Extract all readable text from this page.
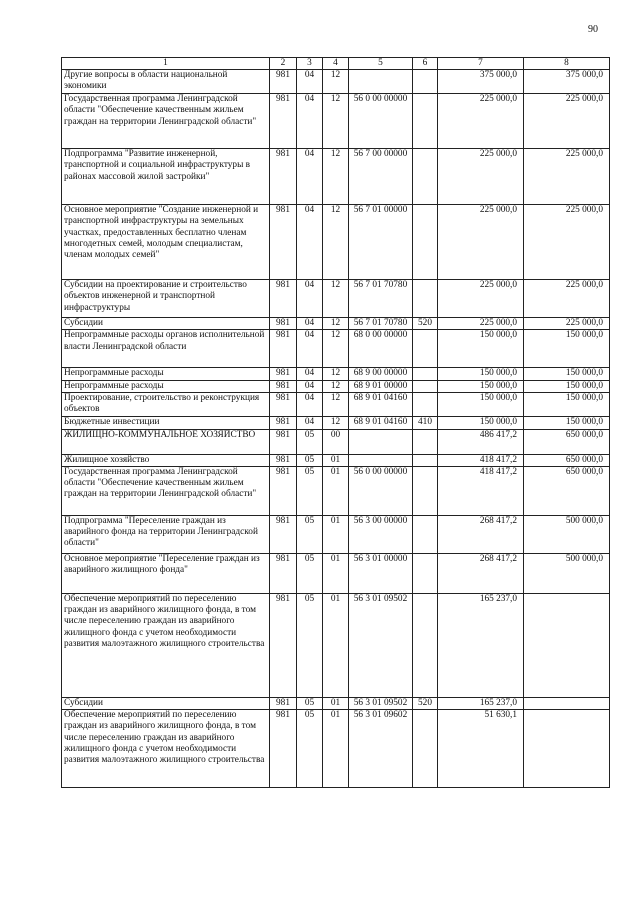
90
1	2	3	4	5	6	7	8
Другие вопросы в области национальной экономики	981	04	12			375 000,0	375 000,0
Государственная программа Ленинградской области "Обеспечение качественным жильем граждан на территории Ленинградской области"	981	04	12	56 0 00 00000		225 000,0	225 000,0
Подпрограмма "Развитие инженерной, транспортной и социальной инфраструктуры в районах массовой жилой застройки"	981	04	12	56 7 00 00000		225 000,0	225 000,0
Основное мероприятие "Создание инженерной и транспортной инфраструктуры на земельных участках, предоставленных бесплатно членам многодетных семей, молодым специалистам, членам молодых семей"	981	04	12	56 7 01 00000		225 000,0	225 000,0
Субсидии на проектирование и строительство объектов инженерной и транспортной инфраструктуры	981	04	12	56 7 01 70780		225 000,0	225 000,0
Субсидии	981	04	12	56 7 01 70780	520	225 000,0	225 000,0
Непрограммные расходы органов исполнительной власти Ленинградской области	981	04	12	68 0 00 00000		150 000,0	150 000,0
Непрограммные расходы	981	04	12	68 9 00 00000		150 000,0	150 000,0
Непрограммные расходы	981	04	12	68 9 01 00000		150 000,0	150 000,0
Проектирование, строительство и реконструкция объектов	981	04	12	68 9 01 04160		150 000,0	150 000,0
Бюджетные инвестиции	981	04	12	68 9 01 04160	410	150 000,0	150 000,0
ЖИЛИЩНО-КОММУНАЛЬНОЕ ХОЗЯЙСТВО	981	05	00			486 417,2	650 000,0
Жилищное хозяйство	981	05	01			418 417,2	650 000,0
Государственная программа Ленинградской области "Обеспечение качественным жильем граждан на территории Ленинградской области"	981	05	01	56 0 00 00000		418 417,2	650 000,0
Подпрограмма "Переселение граждан из аварийного фонда на территории Ленинградской области"	981	05	01	56 3 00 00000		268 417,2	500 000,0
Основное мероприятие "Переселение граждан из аварийного жилищного фонда"	981	05	01	56 3 01 00000		268 417,2	500 000,0
Обеспечение мероприятий по переселению граждан из аварийного жилищного фонда, в том числе переселению граждан из аварийного жилищного фонда с учетом необходимости развития малоэтажного жилищного строительства	981	05	01	56 3 01 09502		165 237,0	
Субсидии	981	05	01	56 3 01 09502	520	165 237,0	
Обеспечение мероприятий по переселению граждан из аварийного жилищного фонда, в том числе переселению граждан из аварийного жилищного фонда с учетом необходимости развития малоэтажного жилищного строительства	981	05	01	56 3 01 09602		51 630,1	
